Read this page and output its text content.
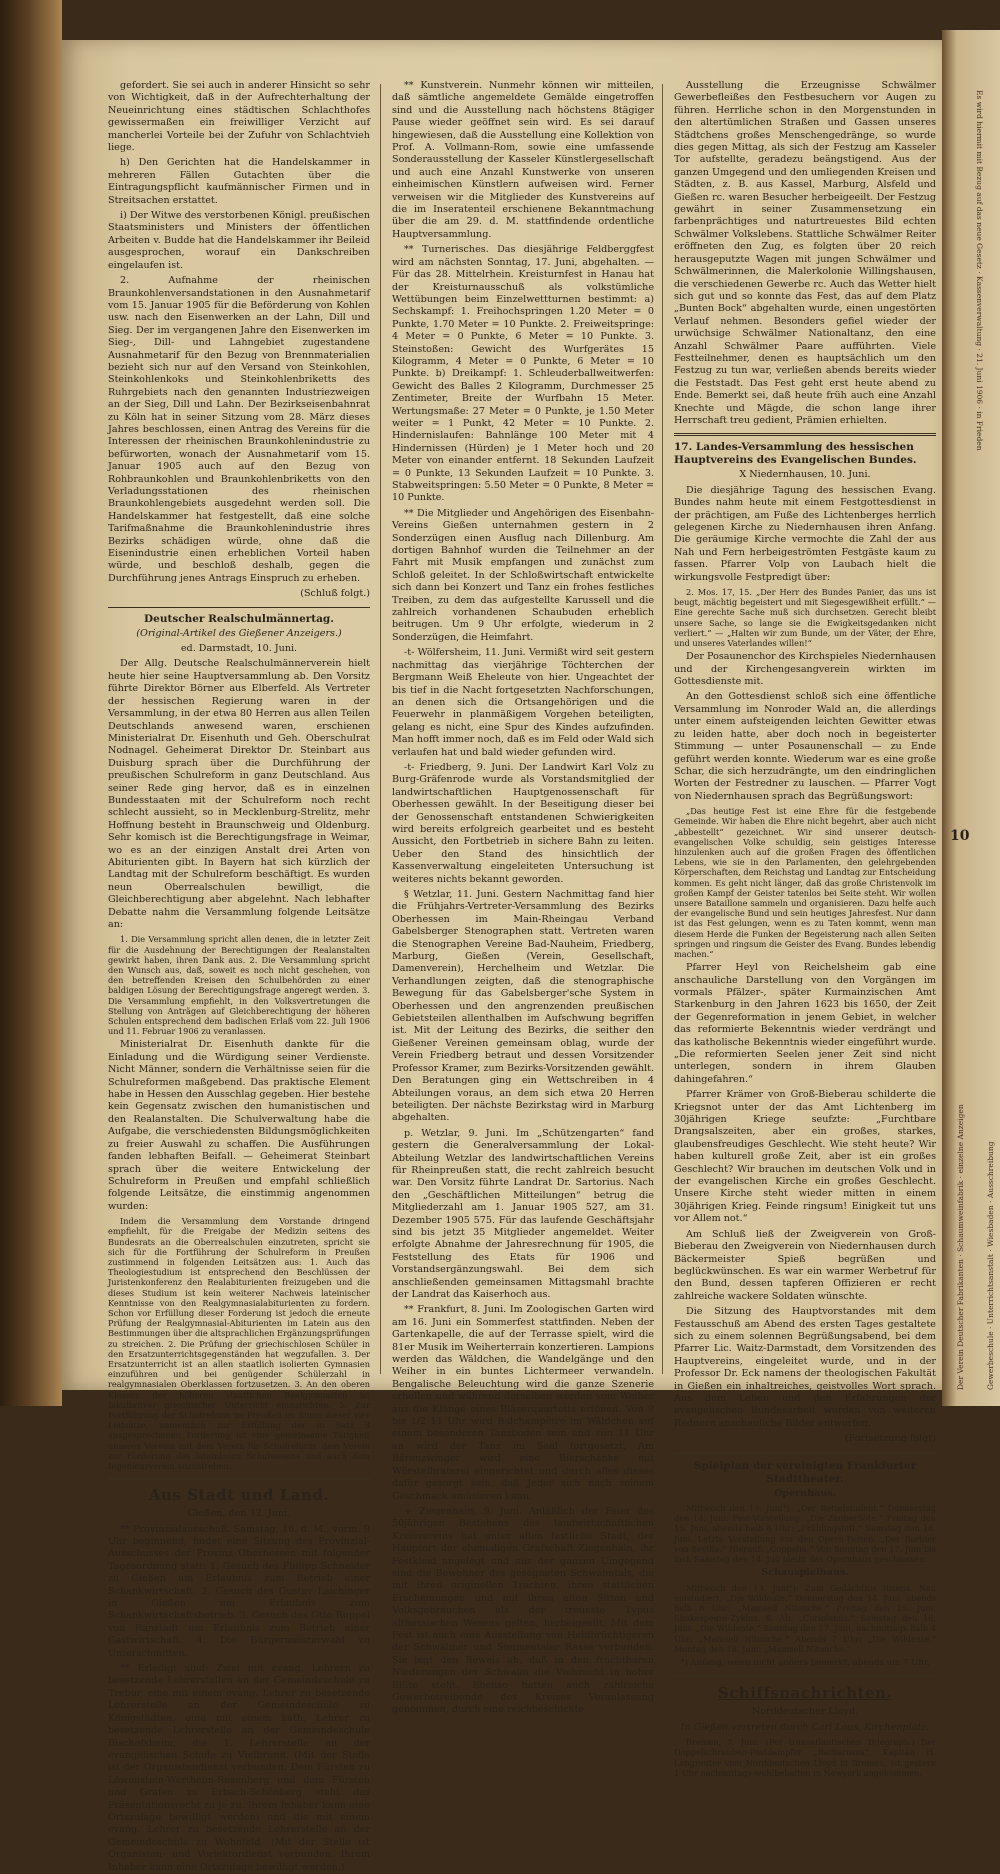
gefordert. Sie sei auch in anderer Hinsicht so sehr von Wichtigkeit, daß in der Aufrechterhaltung der Neueinrichtung eines städtischen Schlachthofes gewissermaßen ein freiwilliger Verzicht auf mancherlei Vorteile bei der Zufuhr von Schlachtvieh liege.

h) Den Gerichten hat die Handelskammer in mehreren Fällen Gutachten über die Eintragungspflicht kaufmännischer Firmen und in Streitsachen erstattet.

i) Der Witwe des verstorbenen Königl. preußischen Staatsministers und Ministers der öffentlichen Arbeiten v. Budde hat die Handelskammer ihr Beileid ausgesprochen, worauf ein Dankschreiben eingelaufen ist.

2. Aufnahme der rheinischen Braunkohlenversandstationen in den Ausnahmetarif vom 15. Januar 1905 für die Beförderung von Kohlen usw. nach den Eisenwerken an der Lahn, Dill und Sieg. Der im vergangenen Jahre den Eisenwerken im Sieg-, Dill- und Lahngebiet zugestandene Ausnahmetarif für den Bezug von Brennmaterialien bezieht sich nur auf den Versand von Steinkohlen, Steinkohlenkoks und Steinkohlenbriketts des Ruhrgebiets nach den genannten Industriezweigen an der Sieg, Dill und Lahn. Der Bezirkseisenbahnrat zu Köln hat in seiner Sitzung vom 28. März dieses Jahres beschlossen, einen Antrag des Vereins für die Interessen der rheinischen Braunkohlenindustrie zu befürworten, wonach der Ausnahmetarif vom 15. Januar 1905 auch auf den Bezug von Rohbraunkohlen und Braunkohlenbriketts von den Verladungsstationen des rheinischen Braunkohlengebiets ausgedehnt werden soll. Die Handelskammer hat festgestellt, daß eine solche Tarifmaßnahme die Braunkohlenindustrie ihres Bezirks schädigen würde, ohne daß die Eisenindustrie einen erheblichen Vorteil haben würde, und beschloß deshalb, gegen die Durchführung jenes Antrags Einspruch zu erheben.

(Schluß folgt.)
Deutscher Realschulmännertag.
(Original-Artikel des Gießener Anzeigers.)
ed. Darmstadt, 10. Juni.

Der Allg. Deutsche Realschulmännerverein hielt heute hier seine Hauptversammlung ab. Den Vorsitz führte Direktor Börner aus Elberfeld. Als Vertreter der hessischen Regierung waren in der Versammlung, in der etwa 80 Herren aus allen Teilen Deutschlands anwesend waren, erschienen Ministerialrat Dr. Eisenhuth und Geh. Oberschulrat Nodnagel. Geheimerat Direktor Dr. Steinbart aus Duisburg sprach über die Durchführung der preußischen Schulreform in ganz Deutschland. Aus seiner Rede ging hervor, daß es in einzelnen Bundesstaaten mit der Schulreform noch recht schlecht aussieht, so in Mecklenburg-Strelitz, mehr Hoffnung besteht in Braunschweig und Oldenburg. Sehr komisch ist die Berechtigungsfrage in Weimar, wo es an der einzigen Anstalt drei Arten von Abiturienten gibt. In Bayern hat sich kürzlich der Landtag mit der Schulreform beschäftigt. Es wurden neun Oberrealschulen bewilligt, die Gleichberechtigung aber abgelehnt. Nach lebhafter Debatte nahm die Versammlung folgende Leitsätze an:

1. Die Versammlung spricht allen denen, die in letzter Zeit für die Ausdehnung der Berechtigungen der Realanstalten gewirkt haben, ihren Dank aus. 2. Die Versammlung spricht den Wunsch aus, daß, soweit es noch nicht geschehen, von den betreffenden Kreisen den Schulbehörden zu einer baldigen Lösung der Berechtigungsfrage angeregt werden. 3. Die Versammlung empfiehlt, in den Volksvertretungen die Stellung von Anträgen auf Gleichberechtigung der höheren Schulen entsprechend dem badischen Erlaß vom 22. Juli 1906 und 11. Februar 1906 zu veranlassen.

Ministerialrat Dr. Eisenhuth dankte für die Einladung und die Würdigung seiner Verdienste. Nicht Männer, sondern die Verhältnisse seien für die Schulreformen maßgebend. Das praktische Element habe in Hessen den Ausschlag gegeben. Hier bestehe kein Gegensatz zwischen den humanistischen und den Realanstalten. Die Schulverwaltung habe die Aufgabe, die verschiedensten Bildungsmöglichkeiten zu freier Auswahl zu schaffen. Die Ausführungen fanden lebhaften Beifall. — Geheimerat Steinbart sprach über die weitere Entwickelung der Schulreform in Preußen und empfahl schließlich folgende Leitsätze, die einstimmig angenommen wurden:

Indem die Versammlung dem Vorstande dringend empfiehlt, für die Freigabe der Medizin seitens des Bundesrats an die Oberrealschulen einzutreten, spricht sie sich für die Fortführung der Schulreform in Preußen zustimmend in folgenden Leitsätzen aus: 1. Auch das Theologiestudium ist entsprechend den Beschlüssen der Juristenkonferenz den Realabiturienten freizugeben und die dieses Studium ist kein weiterer Nachweis lateinischer Kenntnisse von den Realgymnasialabiturienten zu fordern. Schon vor Erfüllung dieser Forderung ist jedoch die erneute Prüfung der Realgymnasial-Abiturienten im Latein aus den Bestimmungen über die altsprachlichen Ergänzungsprüfungen zu streichen. 2. Die Prüfung der griechischlosen Schüler in den Ersatzunterrichtsgegenständen hat wegzufallen. 3. Der Ersatzunterricht ist an allen staatlich isolierten Gymnasien einzuführen und bei genügender Schülerzahl in realgymnasialen Oberklassen fortzusetzen. 3. An den oberen Klassen der höheren staatlichen Realgymnasien ist fakultativer griechischer Unterricht einzurichten. 5. Zur Fortführung der Schulreform im Preußen im Sinne dieser vier Leitsätze, namentlich zur Erfüllung der in Satz 3 ausgesprochenen Forderung ist eine gemeinsame Tätigkeit unseres Vereins mit dem Verein für Schulreform, dem Verein zur Förderung des lateinlosen Schulwesens und auch dem Ingenieurverein anzustreben.

Aus Stadt und Land.
Gießen, den 12. Juni.

** Provinzialausschuß. Samstag, 16. d. M., vorm. 9 Uhr beginnend, findet eine Sitzung des Provinzial-Ausschusses der Provinz Oberhessen mit folgender Tagesordnung statt: 1. Gesuch des Philipp Schneider zu Gießen um Erlaubnis zum Betrieb einer Schankwirtschaft. 2. Gesuch des Gustav Laichinger in Gießen um Erlaubnis zum Schankwirtschaftsbetrieb. 3. Gesuch des Otto Ruppel von Ranstadt um Erlaubnis zum Betrieb einer Gastwirtschaft. 4. Die Bürgermeisterwahl zu Unterschmitten.

** Erledigt sind: Zwei mit evang. Lehrern zu besetzende Lehrerstellen an der Gemeindeschule zu Trebur, eine mit einem evang. Lehrer zu besetzende Lehrerstelle an der Gemeindeschule zu Königstädten, eine mit einem kath. Lehrer zu besetzende Lehrerstelle an der Gemeindeschule Bischofsheim, die 1. Lehrerstelle an der evangelischen Schule zu Vielbrunn. (Mit der Stelle ist der Organistendienst verbunden. Dem Fürsten zu Löwenstein-Wertheim-Rosenberg und dem Fürsten und Grafen zu Erbach-Schönberg steht das Präsentationsrecht zu je zu. Ihrem Inhaber kann eine Ortszulage bewilligt werden) und die mit einem evang. Lehrer zu besetzende Lehrerstelle an der Gemeindeschule zu Wohnfeld. (Mit der Stelle ist Organisten- und Vorlektordienst verbunden. Ihrem Inhaber kann eine Ortszulage bewilligt werden.)

** Kunstverein. Nunmehr können wir mitteilen, daß sämtliche angemeldete Gemälde eingetroffen sind und die Ausstellung nach höchstens 8tägiger Pause wieder geöffnet sein wird. Es sei darauf hingewiesen, daß die Ausstellung eine Kollektion von Prof. A. Vollmann-Rom, sowie eine umfassende Sonderausstellung der Kasseler Künstlergesellschaft und auch eine Anzahl Kunstwerke von unseren einheimischen Künstlern aufweisen wird. Ferner verweisen wir die Mitglieder des Kunstvereins auf die im Inseratenteil erschienene Bekanntmachung über die am 29. d. M. stattfindende ordentliche Hauptversammlung.

** Turnerisches. Das diesjährige Feldberggfest wird am nächsten Sonntag, 17. Juni, abgehalten. — Für das 28. Mittelrhein. Kreisturnfest in Hanau hat der Kreisturnausschuß als volkstümliche Wettübungen beim Einzelwettturnen bestimmt: a) Sechskampf: 1. Freihochspringen 1.20 Meter = 0 Punkte, 1.70 Meter = 10 Punkte. 2. Freiweitspringe: 4 Meter = 0 Punkte, 6 Meter = 10 Punkte. 3. Steinstoßen: Gewicht des Wurfgerätes 15 Kilogramm, 4 Meter = 0 Punkte, 6 Meter = 10 Punkte. b) Dreikampf: 1. Schleuderballweitwerfen: Gewicht des Balles 2 Kilogramm, Durchmesser 25 Zentimeter, Breite der Wurfbahn 15 Meter. Wertungsmaße: 27 Meter = 0 Punkte, je 1.50 Meter weiter = 1 Punkt, 42 Meter = 10 Punkte. 2. Hindernislaufen: Bahnlänge 100 Meter mit 4 Hindernissen (Hürden) je 1 Meter hoch und 20 Meter von einander entfernt. 18 Sekunden Laufzeit = 0 Punkte, 13 Sekunden Laufzeit = 10 Punkte. 3. Stabweitspringen: 5.50 Meter = 0 Punkte, 8 Meter = 10 Punkte.

** Die Mitglieder und Angehörigen des Eisenbahn-Vereins Gießen unternahmen gestern in 2 Sonderzügen einen Ausflug nach Dillenburg. Am dortigen Bahnhof wurden die Teilnehmer an der Fahrt mit Musik empfangen und zunächst zum Schloß geleitet. In der Schloßwirtschaft entwickelte sich dann bei Konzert und Tanz ein frohes festliches Treiben, zu dem das aufgestellte Karussell und die zahlreich vorhandenen Schaubuden erheblich beitrugen. Um 9 Uhr erfolgte, wiederum in 2 Sonderzügen, die Heimfahrt.

-t- Wölfersheim, 11. Juni. Vermißt wird seit gestern nachmittag das vierjährige Töchterchen der Bergmann Weiß Eheleute von hier. Ungeachtet der bis tief in die Nacht fortgesetzten Nachforschungen, an denen sich die Ortsangehörigen und die Feuerwehr in planmäßigem Vorgehen beteiligten, gelang es nicht, eine Spur des Kindes aufzufinden. Man hofft immer noch, daß es im Feld oder Wald sich verlaufen hat und bald wieder gefunden wird.

-t- Friedberg, 9. Juni. Der Landwirt Karl Volz zu Burg-Gräfenrode wurde als Vorstandsmitglied der landwirtschaftlichen Hauptgenossenschaft für Oberhessen gewählt. In der Beseitigung dieser bei der Genossenschaft entstandenen Schwierigkeiten wird bereits erfolgreich gearbeitet und es besteht Aussicht, den Fortbetrieb in sichere Bahn zu leiten. Ueber den Stand des hinsichtlich der Kassenverwaltung eingeleiteten Untersuchung ist weiteres nichts bekannt geworden.

§ Wetzlar, 11. Juni. Gestern Nachmittag fand hier die Frühjahrs-Vertreter-Versammlung des Bezirks Oberhessen im Main-Rheingau Verband Gabelsberger Stenographen statt. Vertreten waren die Stenographen Vereine Bad-Nauheim, Friedberg, Marburg, Gießen (Verein, Gesellschaft, Damenverein), Herchelheim und Wetzlar. Die Verhandlungen zeigten, daß die stenographische Bewegung für das Gabelsberger'sche System in Oberhessen und den angrenzenden preußischen Gebietsteilen allenthalben im Aufschwung begriffen ist. Mit der Leitung des Bezirks, die seither den Gießener Vereinen gemeinsam oblag, wurde der Verein Friedberg betraut und dessen Vorsitzender Professor Kramer, zum Bezirks-Vorsitzenden gewählt. Den Beratungen ging ein Wettschreiben in 4 Abteilungen voraus, an dem sich etwa 20 Herren beteiligten. Der nächste Bezirkstag wird in Marburg abgehalten.

p. Wetzlar, 9. Juni. Im „Schützengarten“ fand gestern die Generalversammlung der Lokal-Abteilung Wetzlar des landwirtschaftlichen Vereins für Rheinpreußen statt, die recht zahlreich besucht war. Den Vorsitz führte Landrat Dr. Sartorius. Nach den „Geschäftlichen Mitteilungen“ betrug die Mitgliederzahl am 1. Januar 1905 527, am 31. Dezember 1905 575. Für das laufende Geschäftsjahr sind bis jetzt 35 Mitglieder angemeldet. Weiter erfolgte Abnahme der Jahresrechnung für 1905, die Feststellung des Etats für 1906 und Vorstandsergänzungswahl. Bei dem sich anschließenden gemeinsamen Mittagsmahl brachte der Landrat das Kaiserhoch aus.

** Frankfurt, 8. Juni. Im Zoologischen Garten wird am 16. Juni ein Sommerfest stattfinden. Neben der Gartenkapelle, die auf der Terrasse spielt, wird die 81er Musik im Weiherterrain konzertieren. Lampions werden das Wäldchen, die Wandelgänge und den Weiher in ein buntes Lichtermeer verwandeln. Bengalische Beleuchtung wird die ganze Szenerie erhellen und während derselben werden vom Weiher aus die Klänge eines Bläserquartetts ertönen. Von 9 bis 1/2 11 Uhr wird Balchampêtre im Wäldchen auf einem besonderen Tanzboden sein und von 11 Uhr an wird der Tanz im Saal fortgesetzt. Am Bärenzwinger wird eine Bierschänke mit Würstelbraterei eingerichtet und durch alles dieses dafür gesorgt sein, daß Jeder sich nach seinem Geschmack amüsieren kann.

+ Ziegenhain, 9. Juni. Anläßlich der Feier des 50jährigen Bestehens des landwirtschaftlichen Kreisvereins hat unter allen festliche Stadt, der Hauptort der ehemaligen Grafschaft Ziegenhain, ihr Festkleid angelegt und aus der ganzen Umgegend sind die Bewohner des gesegneten Schwalmtals, die mit ihren originellen Trachten, ihren stattlichen Erscheinungen und mit ihren alten Sitten und Volksgebräuchen als der treueste Typus althessischen Wesens gelten, herbeigeeilt. Mit dem Fest ist auch eine Ausstellung von Heidbrüchtigeren der Schwälmer und Simmentaler Rasse verbunden. Sie legt den Beweis ab, daß in den fruchtbaren Niederungen der Schwalm die Viehzucht in hoher Blüte steht. Ebenso hatten auch zahlreiche Gewerbetreibende des Kreises Veranlassung genommen, durch eine reichbeschickte

Ausstellung die Erzeugnisse Schwälmer Gewerbefleißes den Festbesuchern vor Augen zu führen. Herrliche schon in den Morgenstunden in den altertümlichen Straßen und Gassen unseres Städtchens großes Menschengedränge, so wurde dies gegen Mittag, als sich der Festzug am Kasseler Tor aufstellte, geradezu beängstigend. Aus der ganzen Umgegend und den umliegenden Kreisen und Städten, z. B. aus Kassel, Marburg, Alsfeld und Gießen rc. waren Besucher herbeigeeilt. Der Festzug gewährt in seiner Zusammensetzung ein farbenprächtiges und naturtreuestes Bild echten Schwälmer Volkslebens. Stattliche Schwälmer Reiter eröffneten den Zug, es folgten über 20 reich herausgeputzte Wagen mit jungen Schwälmer und Schwälmerinnen, die Malerkolonie Willingshausen, die verschiedenen Gewerbe rc. Auch das Wetter hielt sich gut und so konnte das Fest, das auf dem Platz „Bunten Bock“ abgehalten wurde, einen ungestörten Verlauf nehmen. Besonders gefiel wieder der urwüchsige Schwälmer Nationaltanz, den eine Anzahl Schwälmer Paare aufführten. Viele Festteilnehmer, denen es hauptsächlich um den Festzug zu tun war, verließen abends bereits wieder die Feststadt. Das Fest geht erst heute abend zu Ende. Bemerkt sei, daß heute früh auch eine Anzahl Knechte und Mägde, die schon lange ihrer Herrschaft treu gedient, Prämien erhielten.

17. Landes-Versammlung des hessischen Hauptvereins des Evangelischen Bundes.
X Niedernhausen, 10. Juni.

Die diesjährige Tagung des hessischen Evang. Bundes nahm heute mit einem Festgottesdienst in der prächtigen, am Fuße des Lichtenberges herrlich gelegenen Kirche zu Niedernhausen ihren Anfang. Die geräumige Kirche vermochte die Zahl der aus Nah und Fern herbeigeströmten Festgäste kaum zu fassen. Pfarrer Volp von Laubach hielt die wirkungsvolle Festpredigt über:

2. Mos. 17, 15. „Der Herr des Bundes Panier, das uns ist beugt, mächtig begeistert und mit Siegesgewißheit erfüllt.“ — Eine gerechte Sache muß sich durchsetzen. Gerecht bleibt unsere Sache, so lange sie die Ewigkeitsgedanken nicht verliert.“ — „Halten wir zum Bunde, um der Väter, der Ehre, und unseres Vaterlandes willen!“

Der Posaunenchor des Kirchspieles Niedernhausen und der Kirchengesangverein wirkten im Gottesdienste mit.

An den Gottesdienst schloß sich eine öffentliche Versammlung im Nonroder Wald an, die allerdings unter einem aufsteigenden leichten Gewitter etwas zu leiden hatte, aber doch noch in begeisterter Stimmung — unter Posaunenschall — zu Ende geführt werden konnte. Wiederum war es eine große Schar, die sich herzudrängte, um den eindringlichen Worten der Festredner zu lauschen. — Pfarrer Vogt von Niedernhausen sprach das Begrüßungswort:

„Das heutige Fest ist eine Ehre für die festgebende Gemeinde. Wir haben die Ehre nicht begehrt, aber auch nicht „abbestellt“ gezeichnet. Wir sind unserer deutsch-evangelischen Volke schuldig, sein geistiges Interesse hinzulenken auch auf die großen Fragen des öffentlichen Lebens, wie sie in den Parlamenten, den gelehrgebenden Körperschaften, dem Reichstag und Landtag zur Entscheidung kommen. Es geht nicht länger, daß das große Christenvolk im großen Kampf der Geister tatenlos bei Seite steht. Wir wollen unsere Bataillone sammeln und organisieren. Dazu helfe auch der evangelische Bund und sein heutiges Jahresfest. Nur dann ist das Fest gelungen, wenn es zu Taten kommt, wenn man diesem Herde die Funken der Begeisterung nach allen Seiten springen und ringsum die Geister des Evang. Bundes lebendig machen.“

Pfarrer Heyl von Reichelsheim gab eine anschauliche Darstellung von den Vorgängen im vormals Pfälzer-, später Kurmainzischen Amt Starkenburg in den Jahren 1623 bis 1650, der Zeit der Gegenreformation in jenem Gebiet, in welcher das reformierte Bekenntnis wieder verdrängt und das katholische Bekenntnis wieder eingeführt wurde. „Die reformierten Seelen jener Zeit sind nicht unterlegen, sondern in ihrem Glauben dahingefahren.“

Pfarrer Krämer von Groß-Bieberau schilderte die Kriegsnot unter der das Amt Lichtenberg im 30jährigen Kriege seufzte: „Furchtbare Drangsalszeiten, aber ein großes, starkes, glaubensfreudiges Geschlecht. Wie steht heute? Wir haben kulturell große Zeit, aber ist ein großes Geschlecht? Wir brauchen im deutschen Volk und in der evangelischen Kirche ein großes Geschlecht. Unsere Kirche steht wieder mitten in einem 30jährigen Krieg. Feinde ringsum! Einigkeit tut uns vor Allem not.“

Am Schluß ließ der Zweigverein von Groß-Bieberau den Zweigverein von Niedernhausen durch Bäckermeister Spieß begrüßen und beglückwünschen. Es war ein warmer Werbetruf für den Bund, dessen tapferen Offizieren er recht zahlreiche wackere Soldaten wünschte.

Die Sitzung des Hauptvorstandes mit dem Festausschuß am Abend des ersten Tages gestaltete sich zu einem solennen Begrüßungsabend, bei dem Pfarrer Lic. Waitz-Darmstadt, dem Vorsitzenden des Hauptvereins, eingeleitet wurde, und in der Professor Dr. Eck namens der theologischen Fakultät in Gießen ein inhaltreiches, geistvolles Wort sprach. Aus dem Leben und den Erfahrungen der evangelischen Bundesarbeit wurden von weiteren Rednern anschauliche Bilder entworfen.

(Fortsetzung folgt)
Spielplan der vereinigten Frankfurter Stadttheater.
Opernhaus.

Mittwoch den 13. Juni*): „Der Bettelstudent.“ Donnerstag den 14. Juni: Fest-Vorstellung. „Die Zauberflöte.“ Freitag den 15. Juni, abends halb 8 Uhr: „Frühlingsluft.“ Samstag den 16. Juni: Letzte Vorstellung vor den Opern-Ferien. „Der Barbier von Sevilla.“ Hierauf: „Coppelia.“ Von Sonntag den 17. Juni bis incl. Samstag den 14. Juli bleibt das Opernhaus geschlossen.

Schauspielhaus.

Mittwoch den 13. Juni*): Zum Gedächtnis Ibsens. Neu einstudiert: „Die Wildente.“ Donnerstag den 14. Juni, abends halb 8 Uhr: „Mamsell Nitouche.“ Freitag den 15. Juni: Shakespeare-Zyklus. 8. Ab. „Coriolanus.“ Samstag den 16. Juni: „Die Wildente.“ Sonntag den 17. Juni, nachmittags halb 4 Uhr: „Mamsell Nitouche.“ Abends 7 Uhr: „Die Wildente.“ Montag den 18. Juni: „Mamsell Nitouche.“

*) Anfang, wenn nicht anders bemerkt, abends um 7 Uhr.
Schiffsnachrichten.
Norddeutscher Lloyd.
In Gießen vertreten durch Carl Loos, Kirchenplatz.

Bremen, 7. Juni. (Per transatlantischen Telegraph.) Der Doppelschrauben-Postdampfer „Barbarossa“, Kapitän H. Langreuter vom Norddeutschen Lloyd in Bremen, ist gestern 1 Uhr nachmittags wohlbehalten in Newyork angekommen.

Der Verein Deutscher Fabrikanten · Schaumweinfabrik · einzelne Anzeigen
Es wird hiermit mit Bezug auf das neue Gesetz · Kassenverwaltung · 21. Juni 1906 · in Frieden
Gewerbeschule · Unterrichtsanstalt · Wiesbaden · Ausschreibung
10
